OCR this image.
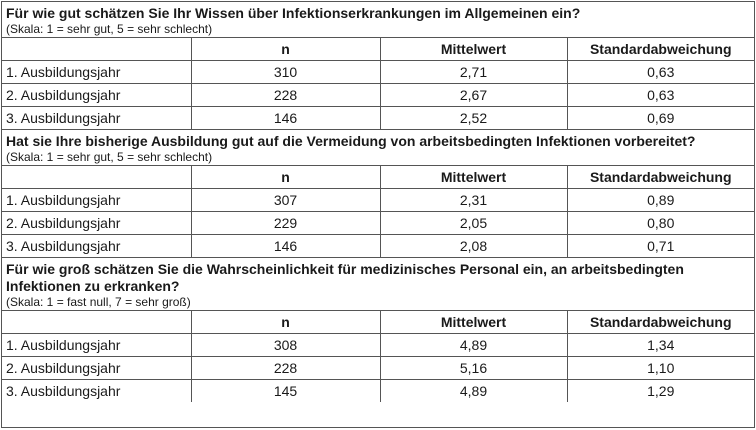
Für wie gut schätzen Sie Ihr Wissen über Infektionserkrankungen im Allgemeinen ein?
(Skala: 1 = sehr gut, 5 = sehr schlecht)
	n	Mittelwert	Standardabweichung
1. Ausbildungsjahr	310	2,71	0,63
2. Ausbildungsjahr	228	2,67	0,63
3. Ausbildungsjahr	146	2,52	0,69
Hat sie Ihre bisherige Ausbildung gut auf die Vermeidung von arbeitsbedingten Infektionen vorbereitet?
(Skala: 1 = sehr gut, 5 = sehr schlecht)
	n	Mittelwert	Standardabweichung
1. Ausbildungsjahr	307	2,31	0,89
2. Ausbildungsjahr	229	2,05	0,80
3. Ausbildungsjahr	146	2,08	0,71
Für wie groß schätzen Sie die Wahrscheinlichkeit für medizinisches Personal ein, an arbeitsbedingten Infektionen zu erkranken?
(Skala: 1 = fast null, 7 = sehr groß)
	n	Mittelwert	Standardabweichung
1. Ausbildungsjahr	308	4,89	1,34
2. Ausbildungsjahr	228	5,16	1,10
3. Ausbildungsjahr	145	4,89	1,29
